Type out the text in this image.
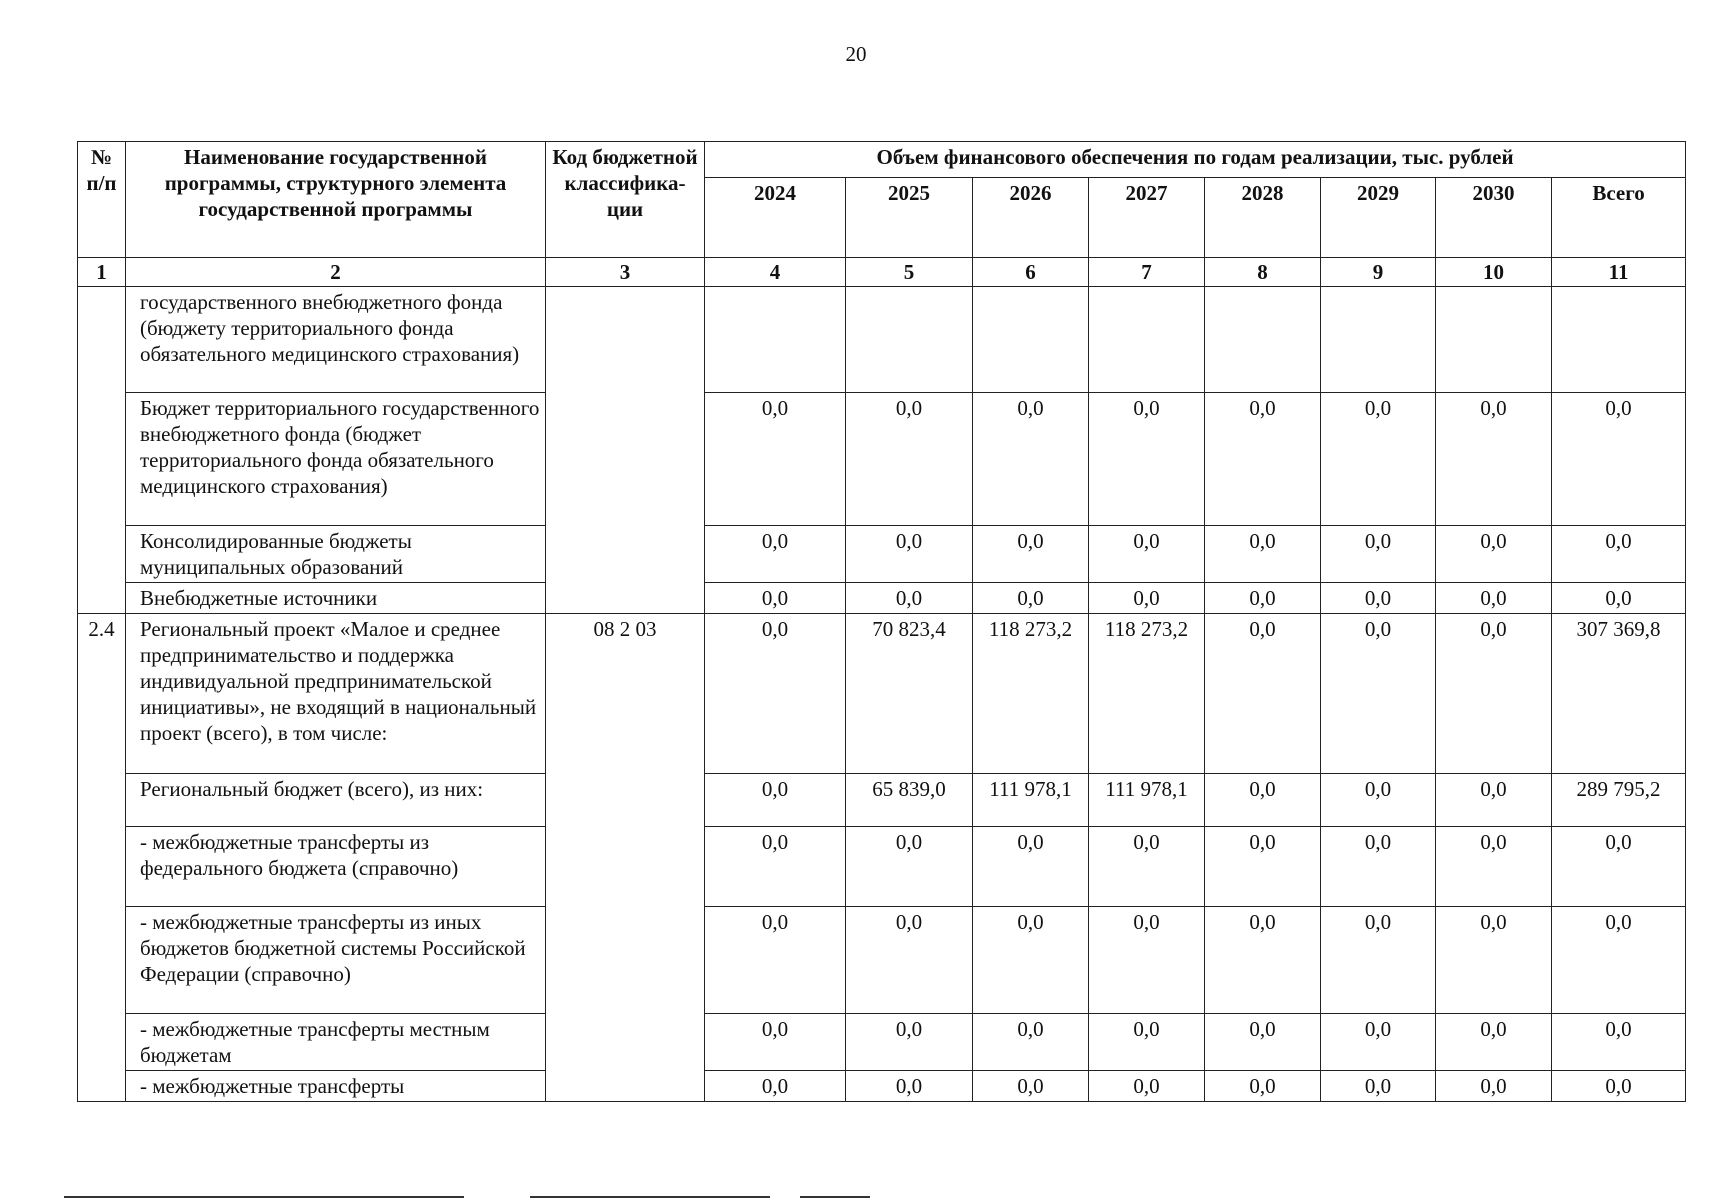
20
№ п/п	Наименование государственной программы, структурного элемента государственной программы	Код бюджетной классифика-ции	Объем финансового обеспечения по годам реализации, тыс. рублей							
			2024	2025	2026	2027	2028	2029	2030	Всего
1	2	3	4	5	6	7	8	9	10	11
	государственного внебюджетного фонда (бюджету территориального фонда обязательного медицинского страхования)									
	Бюджет территориального государственного внебюджетного фонда (бюджет территориального фонда обязательного медицинского страхования)		0,0	0,0	0,0	0,0	0,0	0,0	0,0	0,0
	Консолидированные бюджеты муниципальных образований		0,0	0,0	0,0	0,0	0,0	0,0	0,0	0,0
	Внебюджетные источники		0,0	0,0	0,0	0,0	0,0	0,0	0,0	0,0
2.4	Региональный проект «Малое и среднее предпринимательство и поддержка индивидуальной предпринимательской инициативы», не входящий в национальный проект (всего), в том числе:	08 2 03	0,0	70 823,4	118 273,2	118 273,2	0,0	0,0	0,0	307 369,8
	Региональный бюджет (всего), из них:		0,0	65 839,0	111 978,1	111 978,1	0,0	0,0	0,0	289 795,2
	- межбюджетные трансферты из федерального бюджета (справочно)		0,0	0,0	0,0	0,0	0,0	0,0	0,0	0,0
	- межбюджетные трансферты из иных бюджетов бюджетной системы Российской Федерации (справочно)		0,0	0,0	0,0	0,0	0,0	0,0	0,0	0,0
	- межбюджетные трансферты местным бюджетам		0,0	0,0	0,0	0,0	0,0	0,0	0,0	0,0
	- межбюджетные трансферты		0,0	0,0	0,0	0,0	0,0	0,0	0,0	0,0
